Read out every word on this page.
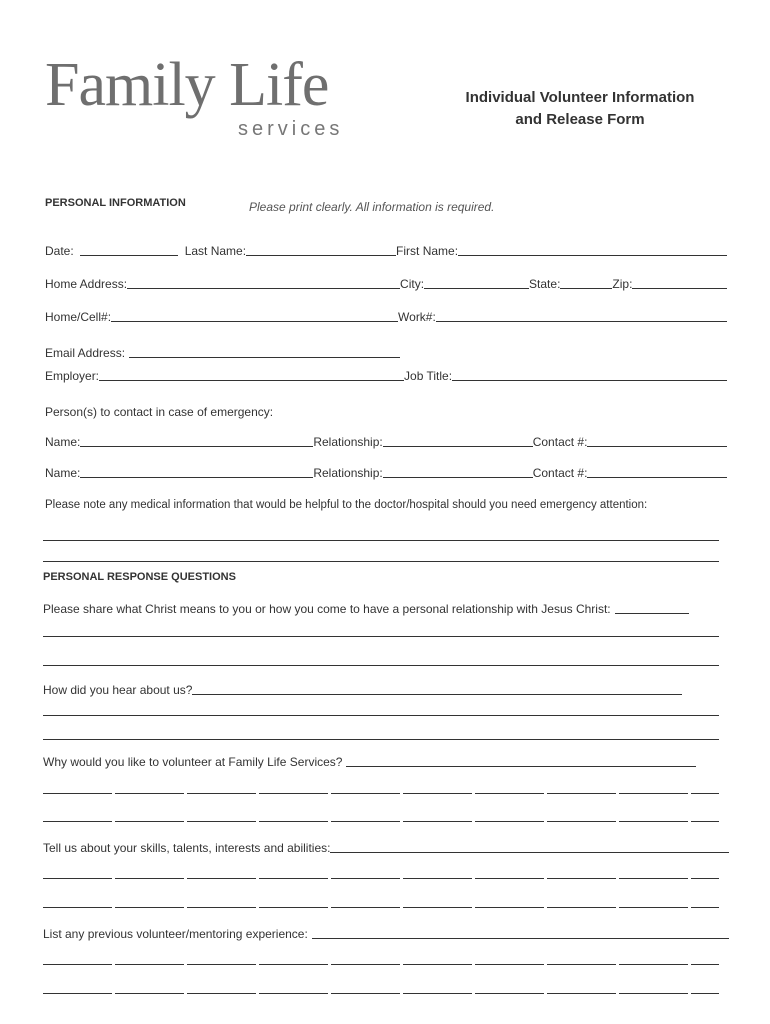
Family Life
services
Individual Volunteer Information
and Release Form
PERSONAL INFORMATION	Please print clearly. All information is required.
Date:	Last Name:	First Name:
Home Address:	City:	State:	Zip:
Home/Cell#:	Work#:
Email Address:
Employer:	Job Title:
Person(s) to contact in case of emergency:
Name:	Relationship:	Contact #:
Name:	Relationship:	Contact #:
Please note any medical information that would be helpful to the doctor/hospital should you need emergency attention:
PERSONAL RESPONSE QUESTIONS
Please share what Christ means to you or how you come to have a personal relationship with Jesus Christ:
How did you hear about us?
Why would you like to volunteer at Family Life Services?
Tell us about your skills, talents, interests and abilities:
List any previous volunteer/mentoring experience:
